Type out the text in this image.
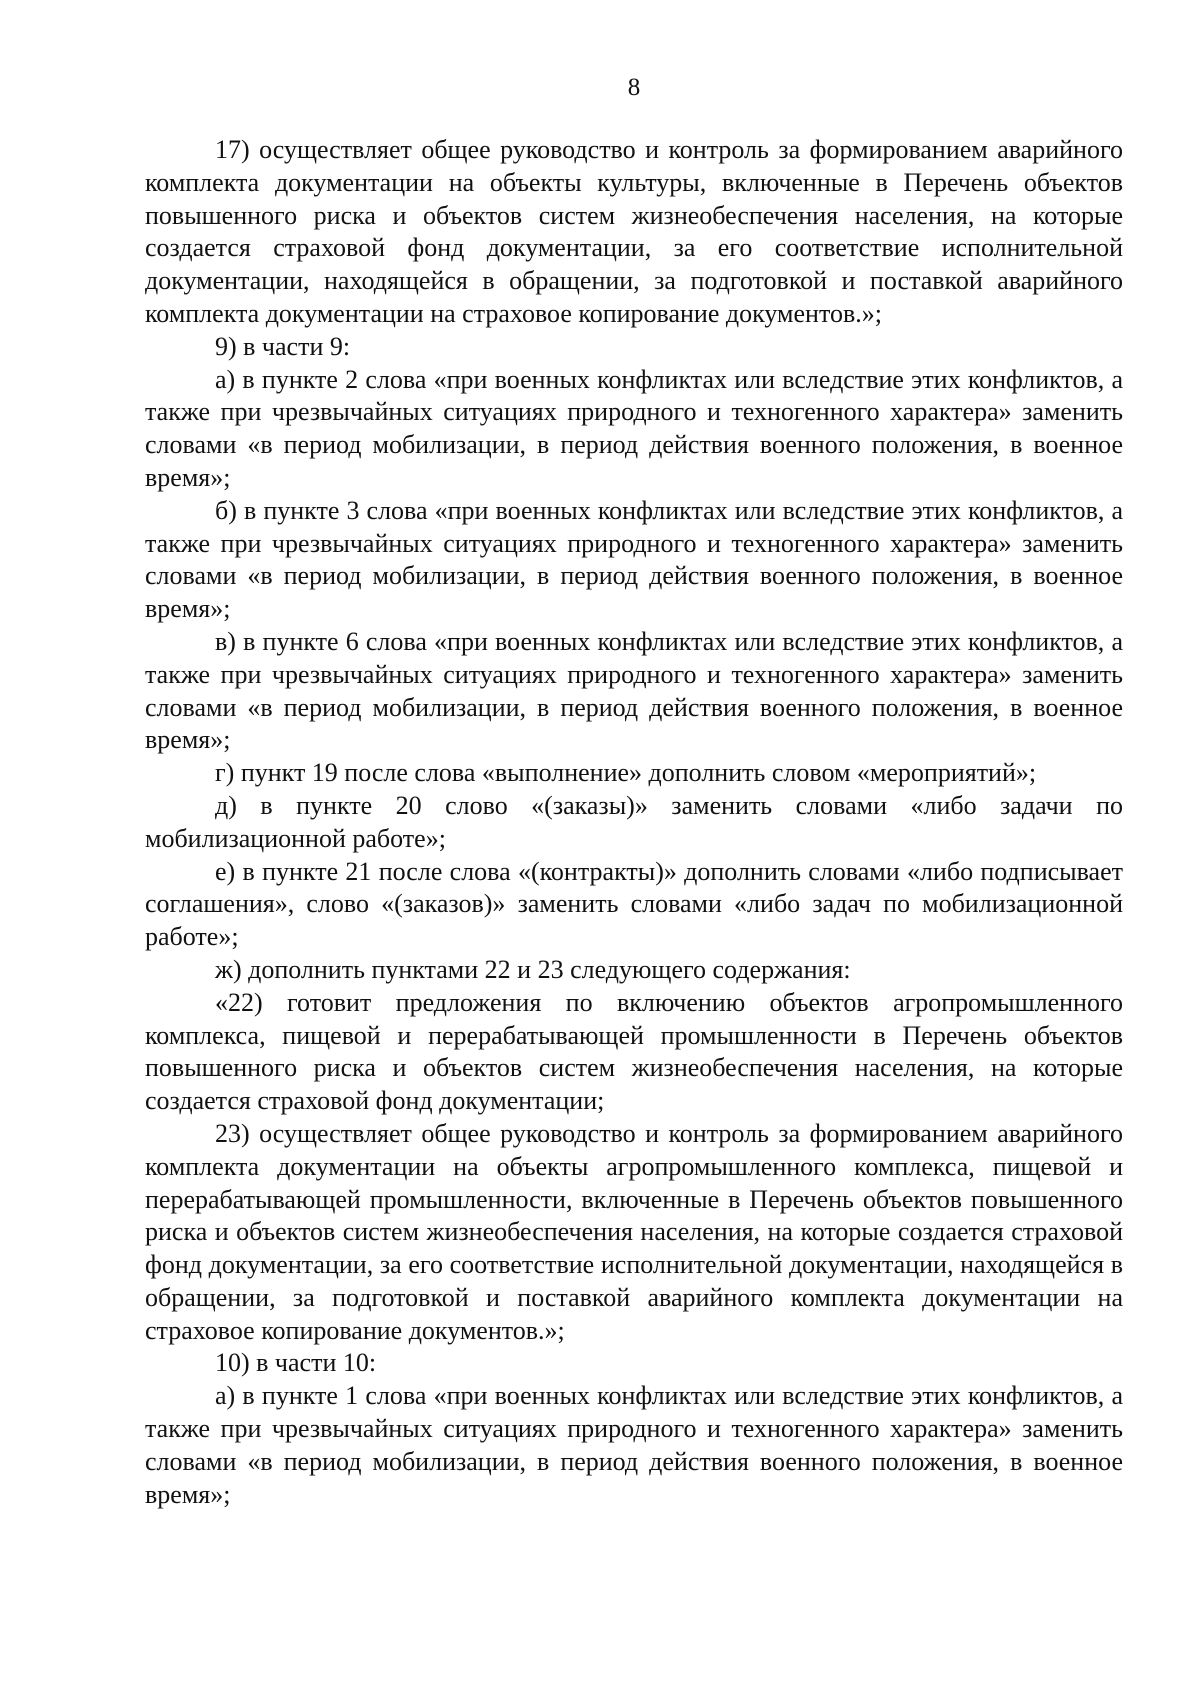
8

17) осуществляет общее руководство и контроль за формированием аварийного комплекта документации на объекты культуры, включенные в Перечень объектов повышенного риска и объектов систем жизнеобеспечения населения, на которые создается страховой фонд документации, за его соответствие исполнительной документации, находящейся в обращении, за подготовкой и поставкой аварийного комплекта документации на страховое копирование документов.»;

9) в части 9:

а) в пункте 2 слова «при военных конфликтах или вследствие этих конфликтов, а также при чрезвычайных ситуациях природного и техногенного характера» заменить словами «в период мобилизации, в период действия военного положения, в военное время»;

б) в пункте 3 слова «при военных конфликтах или вследствие этих конфликтов, а также при чрезвычайных ситуациях природного и техногенного характера» заменить словами «в период мобилизации, в период действия военного положения, в военное время»;

в) в пункте 6 слова «при военных конфликтах или вследствие этих конфликтов, а также при чрезвычайных ситуациях природного и техногенного характера» заменить словами «в период мобилизации, в период действия военного положения, в военное время»;

г) пункт 19 после слова «выполнение» дополнить словом «мероприятий»;

д) в пункте 20 слово «(заказы)» заменить словами «либо задачи по мобилизационной работе»;

е) в пункте 21 после слова «(контракты)» дополнить словами «либо подписывает соглашения», слово «(заказов)» заменить словами «либо задач по мобилизационной работе»;

ж) дополнить пунктами 22 и 23 следующего содержания:

«22) готовит предложения по включению объектов агропромышленного комплекса, пищевой и перерабатывающей промышленности в Перечень объектов повышенного риска и объектов систем жизнеобеспечения населения, на которые создается страховой фонд документации;

23) осуществляет общее руководство и контроль за формированием аварийного комплекта документации на объекты агропромышленного комплекса, пищевой и перерабатывающей промышленности, включенные в Перечень объектов повышенного риска и объектов систем жизнеобеспечения населения, на которые создается страховой фонд документации, за его соответствие исполнительной документации, находящейся в обращении, за подготовкой и поставкой аварийного комплекта документации на страховое копирование документов.»;

10) в части 10:

а) в пункте 1 слова «при военных конфликтах или вследствие этих конфликтов, а также при чрезвычайных ситуациях природного и техногенного характера» заменить словами «в период мобилизации, в период действия военного положения, в военное время»;
